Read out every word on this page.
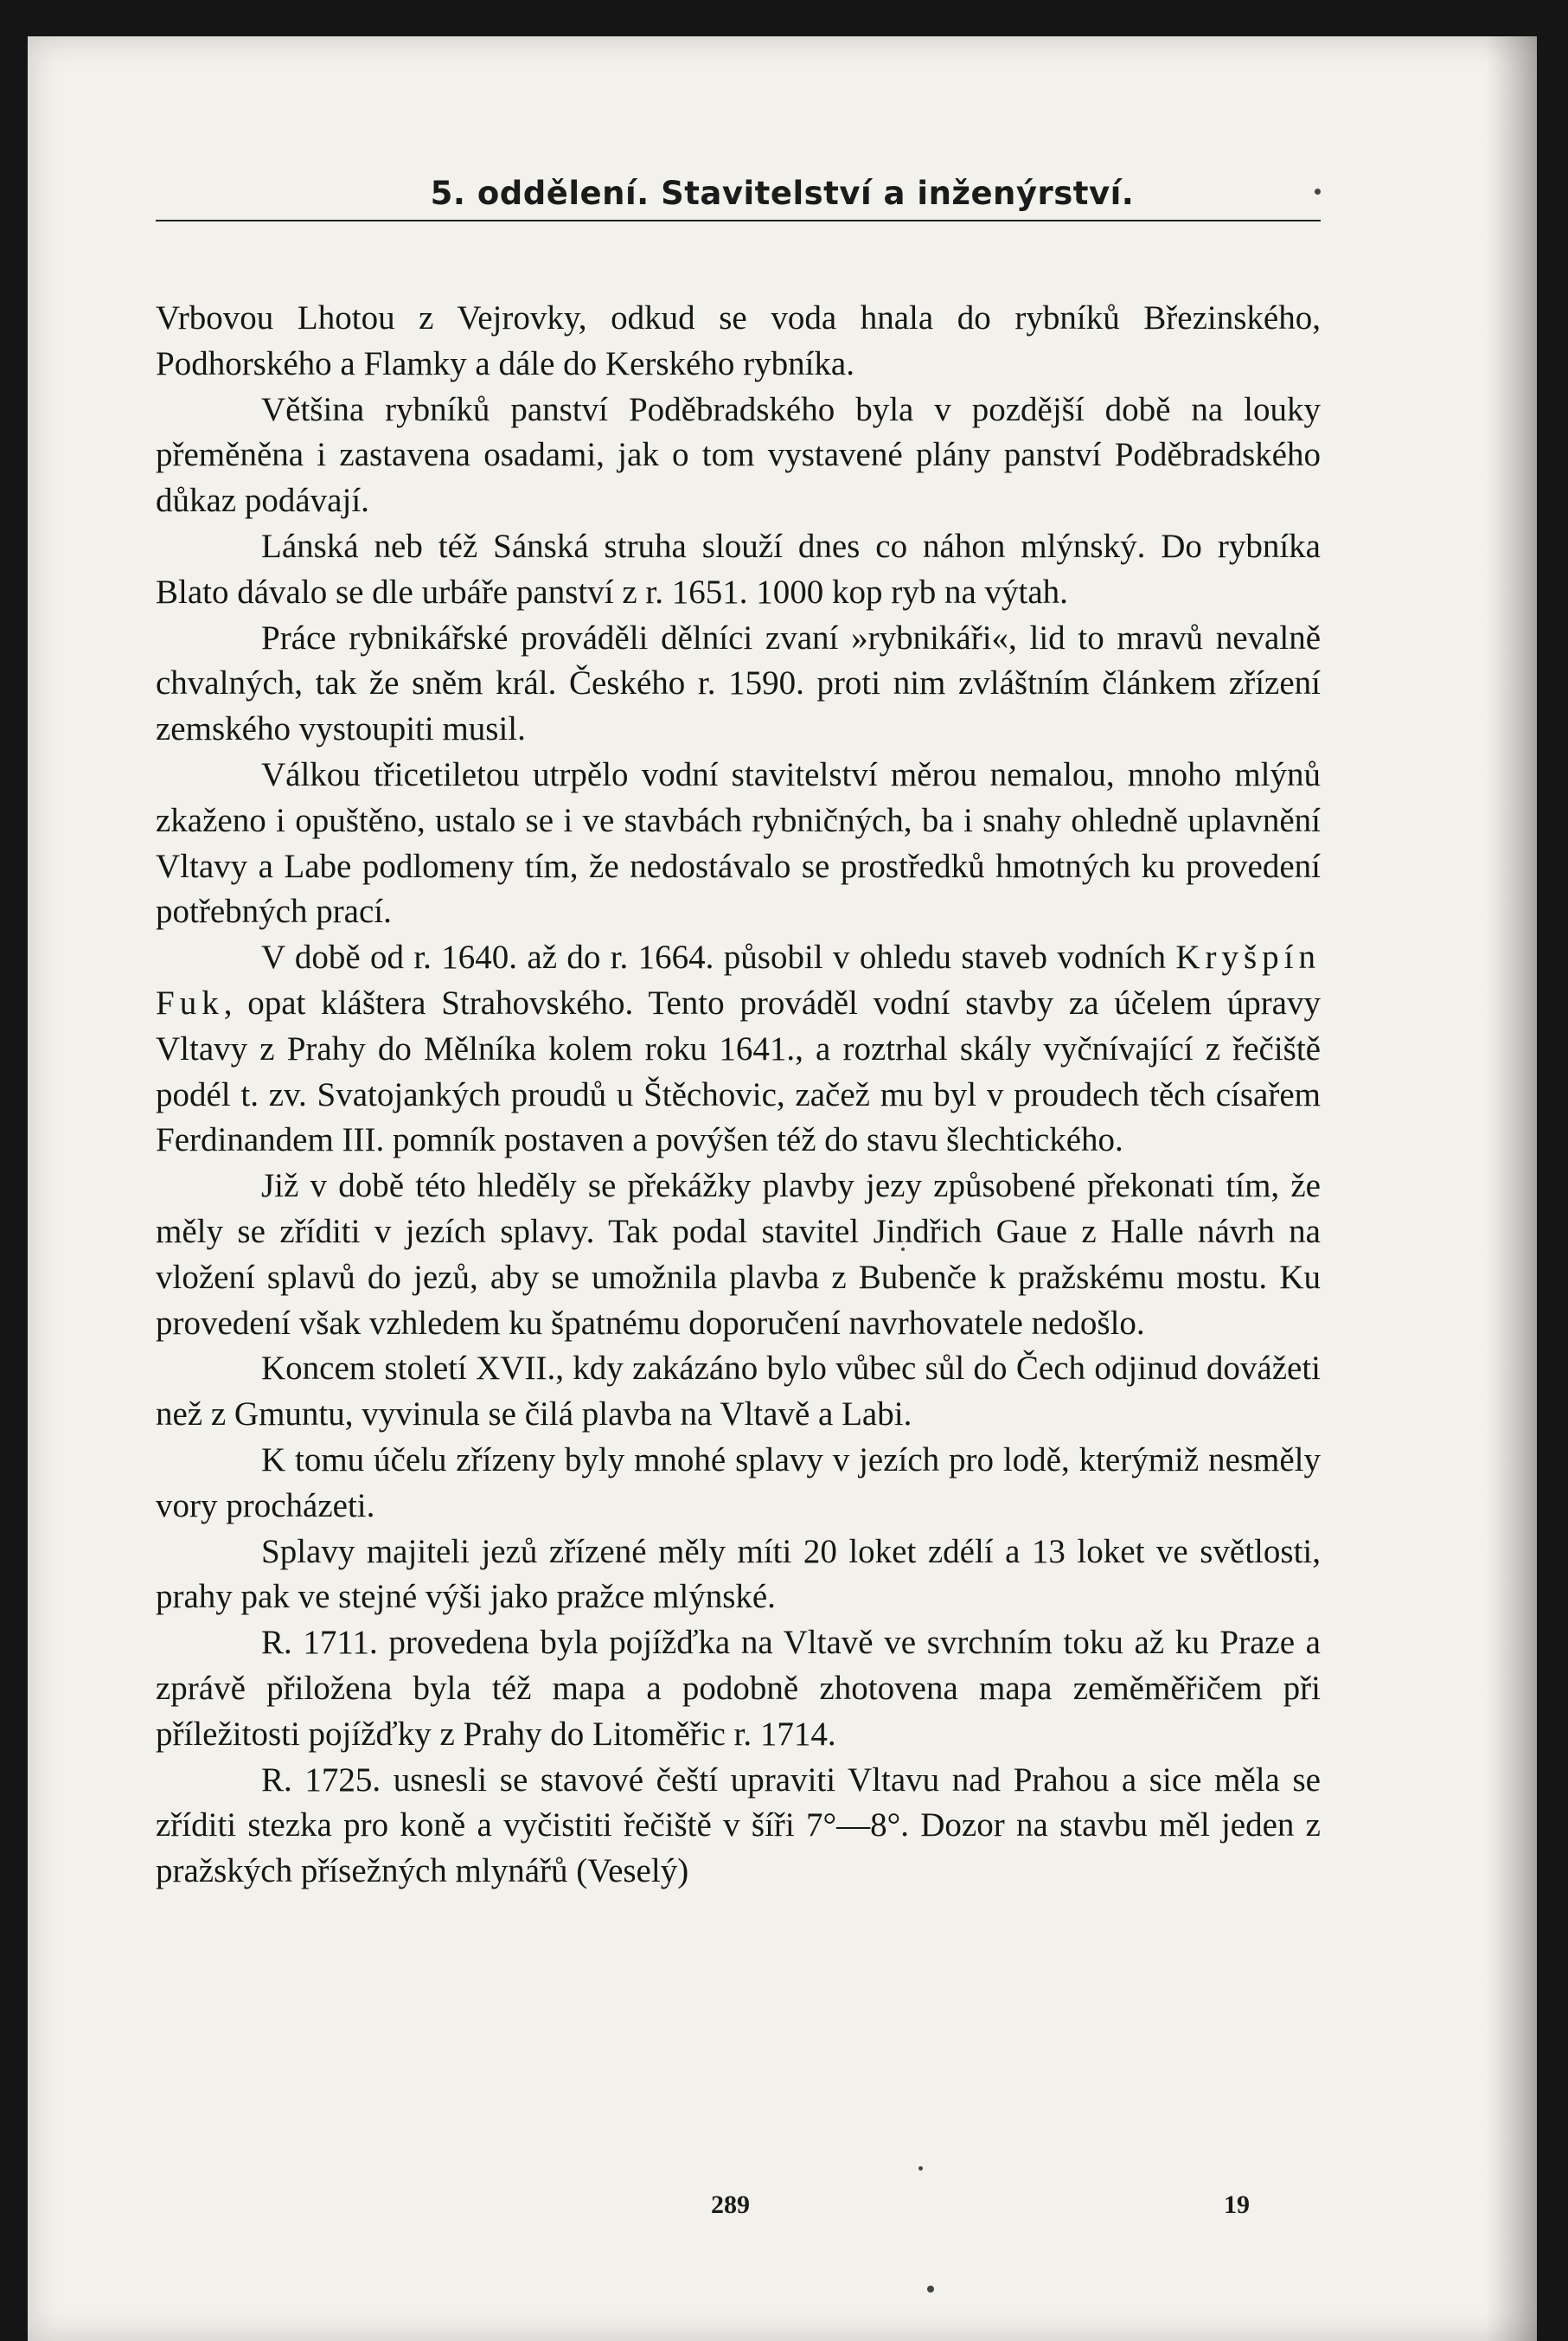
5. oddělení. Stavitelství a inženýrství.

Vrbovou Lhotou z Vejrovky, odkud se voda hnala do rybníků Březinského, Podhorského a Flamky a dále do Kerského rybníka.

Většina rybníků panství Poděbradského byla v pozdější době na louky přeměněna i zastavena osadami, jak o tom vystavené plány panství Poděbradského důkaz podávají.

Lánská neb též Sánská struha slouží dnes co náhon mlýnský. Do rybníka Blato dávalo se dle urbáře panství z r. 1651. 1000 kop ryb na výtah.

Práce rybnikářské prováděli dělníci zvaní »rybnikáři«, lid to mravů nevalně chvalných, tak že sněm král. Českého r. 1590. proti nim zvláštním článkem zřízení zemského vystoupiti musil.

Válkou třicetiletou utrpělo vodní stavitelství měrou nemalou, mnoho mlýnů zkaženo i opuštěno, ustalo se i ve stavbách rybničných, ba i snahy ohledně uplavnění Vltavy a Labe podlomeny tím, že nedostávalo se prostředků hmotných ku provedení potřebných prací.

V době od r. 1640. až do r. 1664. působil v ohledu staveb vodních Kryšpín Fuk, opat kláštera Strahovského. Tento prováděl vodní stavby za účelem úpravy Vltavy z Prahy do Mělníka kolem roku 1641., a roztrhal skály vyčnívající z řečiště podél t. zv. Svatojankých proudů u Štěchovic, začež mu byl v proudech těch císařem Ferdinandem III. pomník postaven a povýšen též do stavu šlechtického.

Již v době této hleděly se překážky plavby jezy způsobené překonati tím, že měly se zříditi v jezích splavy. Tak podal stavitel Jindřich Gaue z Halle návrh na vložení splavů do jezů, aby se umožnila plavba z Bubenče k pražskému mostu. Ku provedení však vzhledem ku špatnému doporučení navrhovatele nedošlo.

Koncem století XVII., kdy zakázáno bylo vůbec sůl do Čech odjinud dovážeti než z Gmuntu, vyvinula se čilá plavba na Vltavě a Labi.

K tomu účelu zřízeny byly mnohé splavy v jezích pro lodě, kterýmiž nesměly vory procházeti.

Splavy majiteli jezů zřízené měly míti 20 loket zdélí a 13 loket ve světlosti, prahy pak ve stejné výši jako pražce mlýnské.

R. 1711. provedena byla pojížďka na Vltavě ve svrchním toku až ku Praze a zprávě přiložena byla též mapa a podobně zhotovena mapa zeměměřičem při příležitosti pojížďky z Prahy do Litoměřic r. 1714.

R. 1725. usnesli se stavové čeští upraviti Vltavu nad Prahou a sice měla se zříditi stezka pro koně a vyčistiti řečiště v šíři 7°—8°. Dozor na stavbu měl jeden z pražských přísežných mlynářů (Veselý)

289	19
